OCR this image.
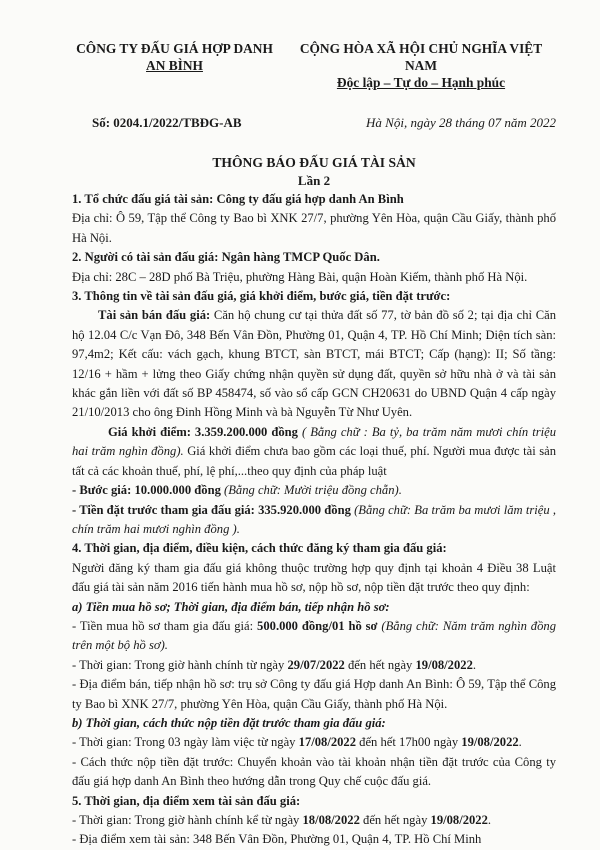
CÔNG TY ĐẤU GIÁ HỢP DANH
AN BÌNH
CỘNG HÒA XÃ HỘI CHỦ NGHĨA VIỆT NAM
Độc lập – Tự do – Hạnh phúc
Số: 0204.1/2022/TBĐG-AB	Hà Nội, ngày 28 tháng 07 năm 2022
THÔNG BÁO ĐẤU GIÁ TÀI SẢN
Lần 2

1. Tổ chức đấu giá tài sản: Công ty đấu giá hợp danh An Bình

Địa chỉ: Ô 59, Tập thể Công ty Bao bì XNK 27/7, phường Yên Hòa, quận Cầu Giấy, thành phố Hà Nội.

2. Người có tài sản đấu giá: Ngân hàng TMCP Quốc Dân.

Địa chỉ: 28C – 28D phố Bà Triệu, phường Hàng Bài, quận Hoàn Kiếm, thành phố Hà Nội.

3. Thông tin về tài sản đấu giá, giá khởi điểm, bước giá, tiền đặt trước:

Tài sản bán đấu giá: Căn hộ chung cư tại thửa đất số 77, tờ bản đồ số 2; tại địa chỉ Căn hộ 12.04 C/c Vạn Đô, 348 Bến Vân Đồn, Phường 01, Quận 4, TP. Hồ Chí Minh; Diện tích sàn: 97,4m2; Kết cấu: vách gạch, khung BTCT, sàn BTCT, mái BTCT; Cấp (hạng): II; Số tầng: 12/16 + hầm + lửng theo Giấy chứng nhận quyền sử dụng đất, quyền sở hữu nhà ở và tài sản khác gắn liền với đất số BP 458474, số vào sổ cấp GCN CH20631 do UBND Quận 4 cấp ngày 21/10/2013 cho ông Đinh Hồng Minh và bà Nguyễn Từ Như Uyên.

Giá khởi điểm: 3.359.200.000 đồng ( Bằng chữ : Ba tỷ, ba trăm năm mươi chín triệu hai trăm nghìn đồng). Giá khởi điểm chưa bao gồm các loại thuế, phí. Người mua được tài sản tất cả các khoản thuế, phí, lệ phí,...theo quy định của pháp luật

- Bước giá: 10.000.000 đồng (Bằng chữ: Mười triệu đồng chẵn).

- Tiền đặt trước tham gia đấu giá: 335.920.000 đồng (Bằng chữ: Ba trăm ba mươi lăm triệu , chín trăm hai mươi nghìn đồng ).

4. Thời gian, địa điểm, điều kiện, cách thức đăng ký tham gia đấu giá:

Người đăng ký tham gia đấu giá không thuộc trường hợp quy định tại khoản 4 Điều 38 Luật đấu giá tài sản năm 2016 tiến hành mua hồ sơ, nộp hồ sơ, nộp tiền đặt trước theo quy định:

a) Tiền mua hồ sơ; Thời gian, địa điểm bán, tiếp nhận hồ sơ:

- Tiền mua hồ sơ tham gia đấu giá: 500.000 đồng/01 hồ sơ (Bằng chữ: Năm trăm nghìn đồng trên một bộ hồ sơ).

- Thời gian: Trong giờ hành chính từ ngày 29/07/2022 đến hết ngày 19/08/2022.

- Địa điểm bán, tiếp nhận hồ sơ: trụ sở Công ty đấu giá Hợp danh An Bình: Ô 59, Tập thể Công ty Bao bì XNK 27/7, phường Yên Hòa, quận Cầu Giấy, thành phố Hà Nội.

b) Thời gian, cách thức nộp tiền đặt trước tham gia đấu giá:

- Thời gian: Trong 03 ngày làm việc từ ngày 17/08/2022 đến hết 17h00 ngày 19/08/2022.

- Cách thức nộp tiền đặt trước: Chuyển khoản vào tài khoản nhận tiền đặt trước của Công ty đấu giá hợp danh An Bình theo hướng dẫn trong Quy chế cuộc đấu giá.

5. Thời gian, địa điểm xem tài sản đấu giá:

- Thời gian: Trong giờ hành chính kể từ ngày 18/08/2022 đến hết ngày 19/08/2022.

- Địa điểm xem tài sản: 348 Bến Vân Đồn, Phường 01, Quận 4, TP. Hồ Chí Minh
